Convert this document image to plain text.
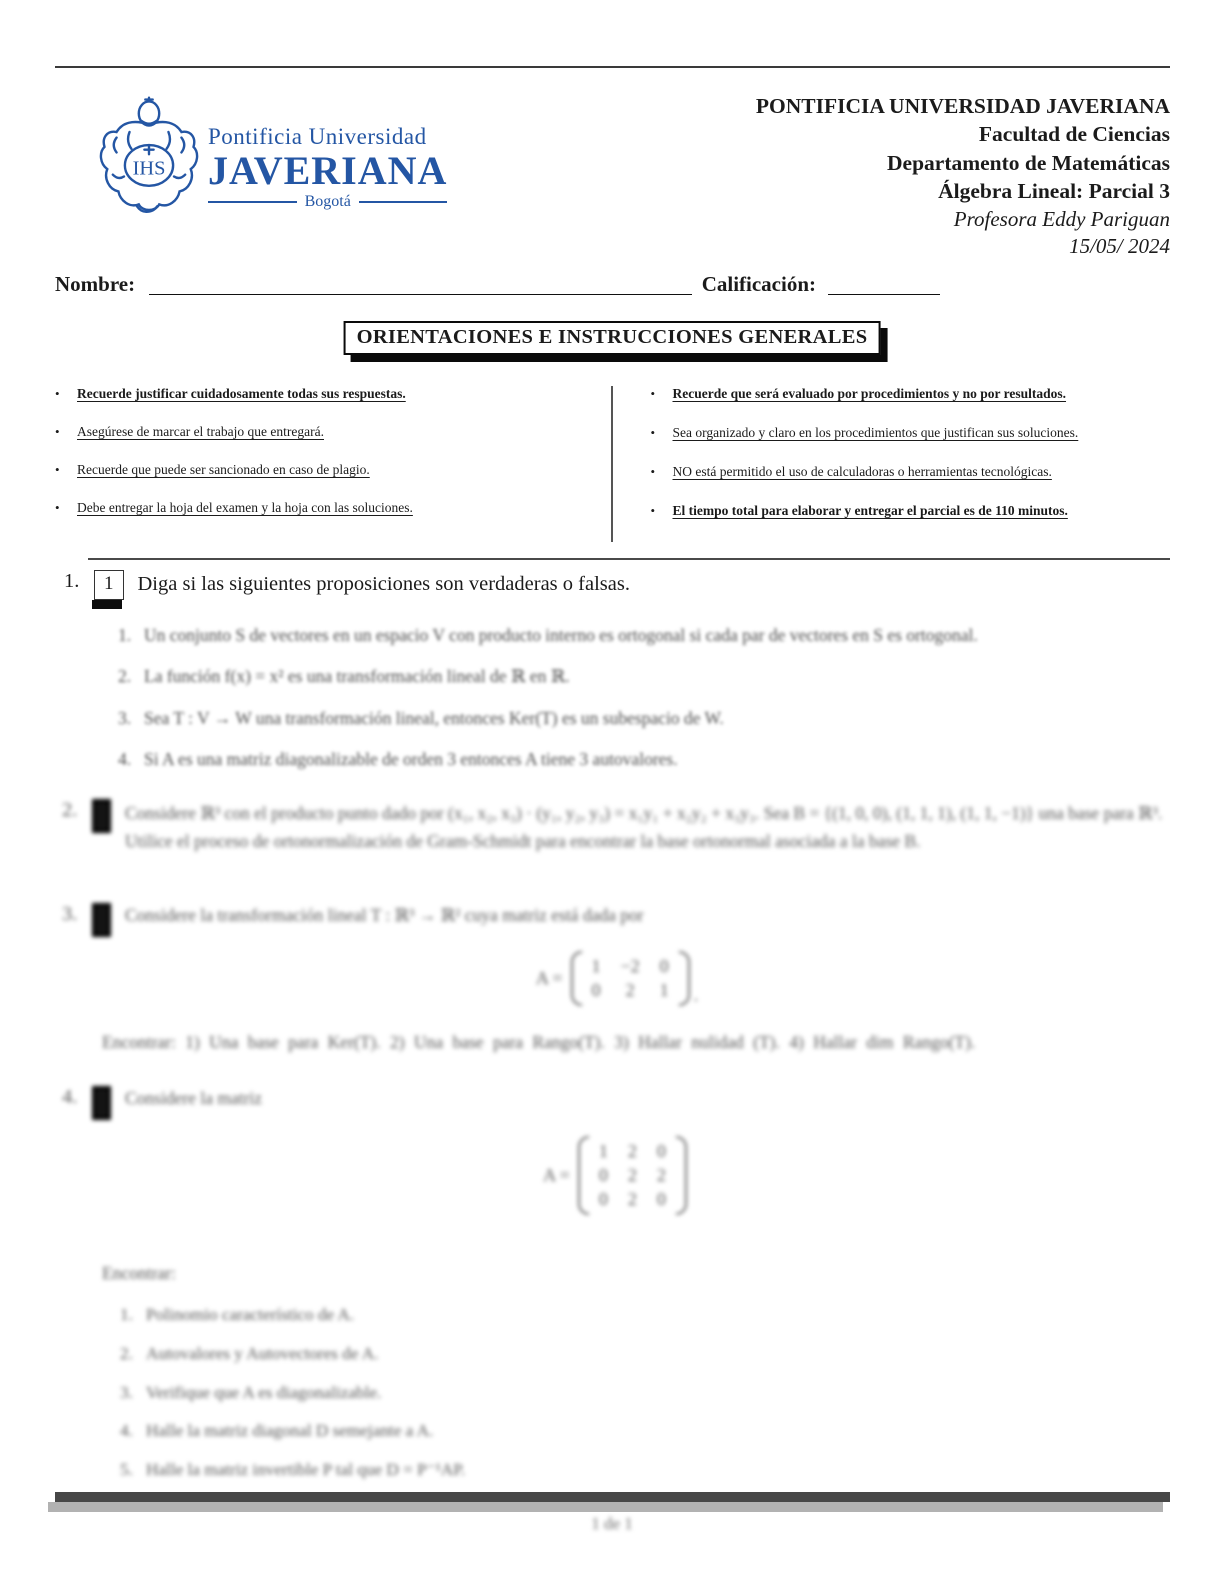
IHS
Pontificia Universidad
JAVERIANA
Bogotá
PONTIFICIA UNIVERSIDAD JAVERIANA
Facultad de Ciencias
Departamento de Matemáticas
Álgebra Lineal: Parcial 3
Profesora Eddy Pariguan
15/05/ 2024
Nombre:	Calificación:
ORIENTACIONES E INSTRUCCIONES GENERALES
•	Recuerde justificar cuidadosamente todas sus respuestas.
•	Asegúrese de marcar el trabajo que entregará.
•	Recuerde que puede ser sancionado en caso de plagio.
•	Debe entregar la hoja del examen y la hoja con las soluciones.
•	Recuerde que será evaluado por procedimientos y no por resultados.
•	Sea organizado y claro en los procedimientos que justifican sus soluciones.
•	NO está permitido el uso de calculadoras o herramientas tecnológicas.
•	El tiempo total para elaborar y entregar el parcial es de 110 minutos.
1.	1	Diga si las siguientes proposiciones son verdaderas o falsas.
1. Un conjunto S de vectores en un espacio V con producto interno es ortogonal si cada par de vectores en S es ortogonal.
2. La función f(x) = x² es una transformación lineal de ℝ en ℝ.
3. Sea T : V → W una transformación lineal, entonces Ker(T) es un subespacio de W.
4. Si A es una matriz diagonalizable de orden 3 entonces A tiene 3 autovalores.
2.	Considere ℝ³ con el producto punto dado por (x₁, x₂, x₃) · (y₁, y₂, y₃) = x₁y₁ + x₂y₂ + x₃y₃. Sea B = {(1, 0, 0), (1, 1, 1), (1, 1, −1)} una base para ℝ³. Utilice el proceso de ortonormalización de Gram-Schmidt para encontrar la base ortonormal asociada a la base B.
3.	Considere la transformación lineal T : ℝ³ → ℝ² cuya matriz está dada por
A =
1 −2 0
0 2 1 .
Encontrar: 1) Una base para Ker(T). 2) Una base para Rango(T). 3) Hallar nulidad (T). 4) Hallar dim Rango(T).
4.	Considere la matriz
A =
1 2 0
0 2 2
0 2 0
Encontrar:
1. Polinomio característico de A.
2. Autovalores y Autovectores de A.
3. Verifique que A es diagonalizable.
4. Halle la matriz diagonal D semejante a A.
5. Halle la matriz invertible P tal que D = P⁻¹AP.
1 de 1
